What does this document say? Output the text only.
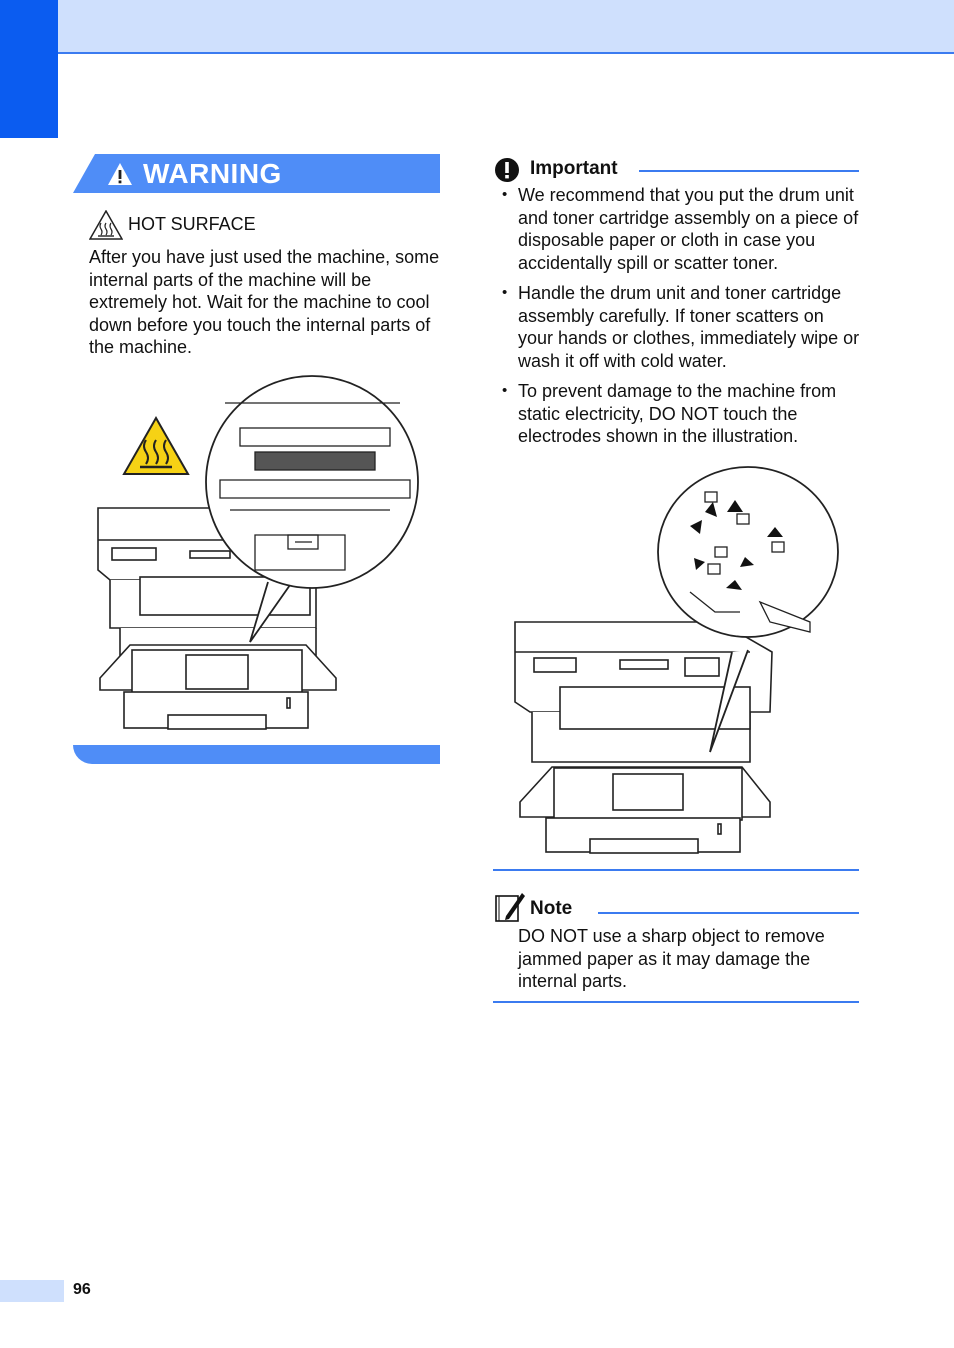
WARNING
HOT SURFACE
After you have just used the machine, some internal parts of the machine will be extremely hot. Wait for the machine to cool down before you touch the internal parts of the machine.
Important
• We recommend that you put the drum unit and toner cartridge assembly on a piece of disposable paper or cloth in case you accidentally spill or scatter toner.
• Handle the drum unit and toner cartridge assembly carefully. If toner scatters on your hands or clothes, immediately wipe or wash it off with cold water.
• To prevent damage to the machine from static electricity, DO NOT touch the electrodes shown in the illustration.
Note
DO NOT use a sharp object to remove jammed paper as it may damage the internal parts.
96
